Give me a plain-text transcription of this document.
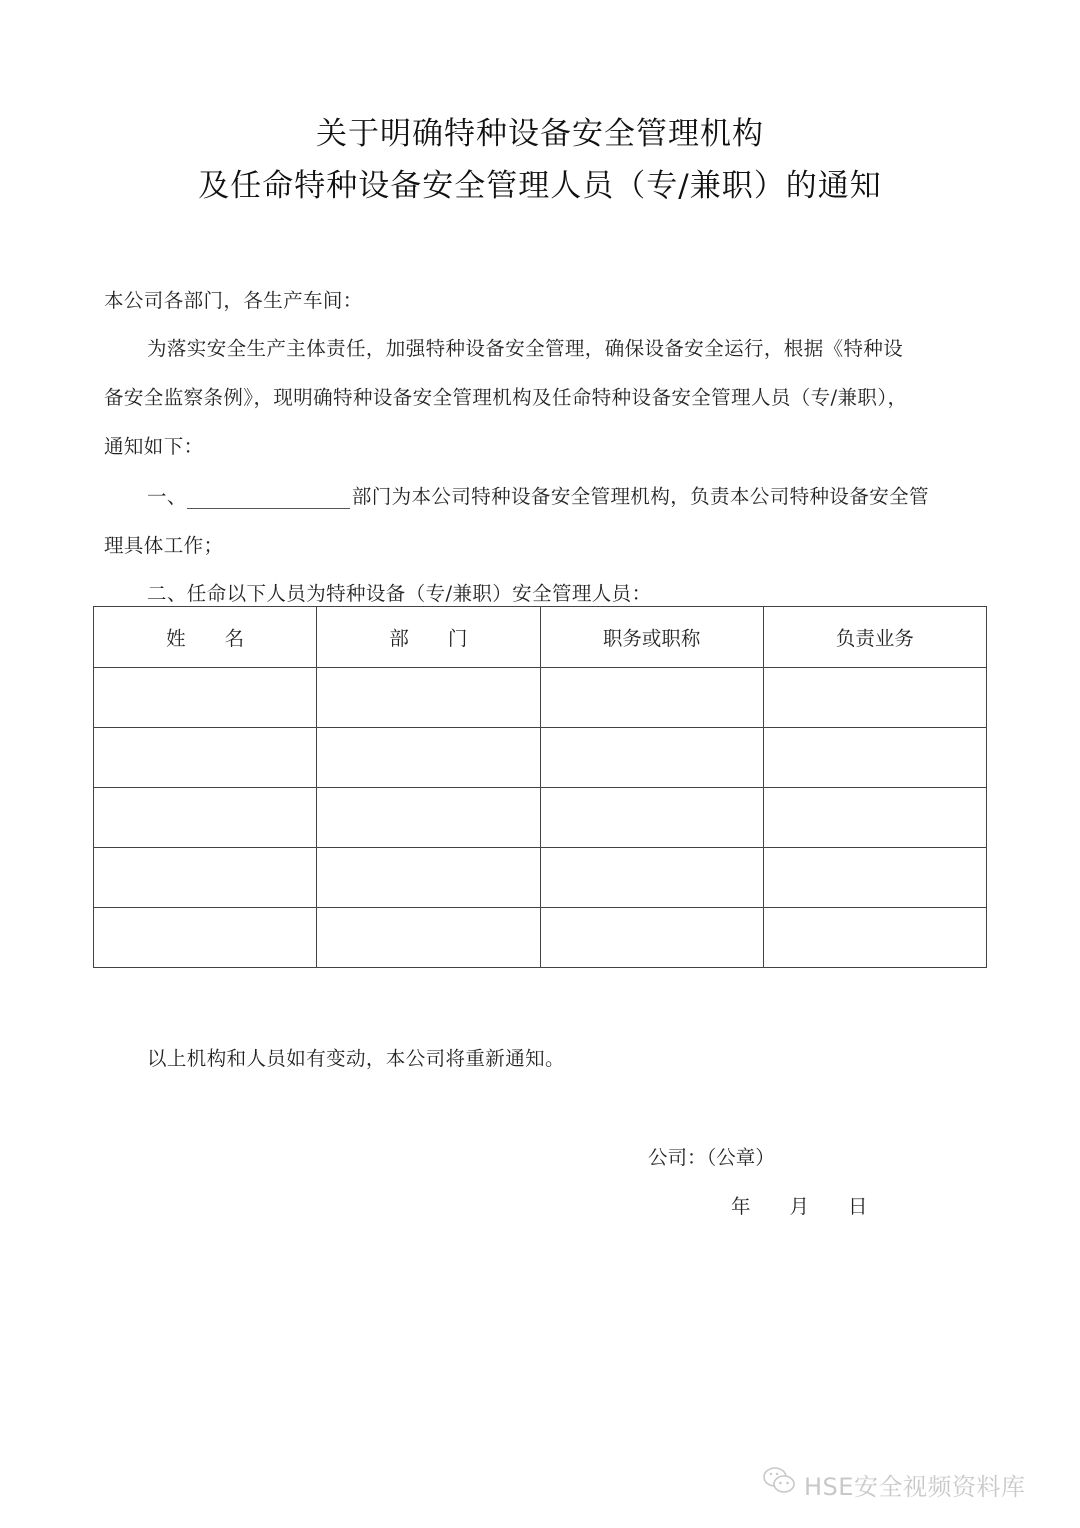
关于明确特种设备安全管理机构
及任命特种设备安全管理人员（专/兼职）的通知
本公司各部门，各生产车间：
为落实安全生产主体责任，加强特种设备安全管理，确保设备安全运行，根据《特种设
备安全监察条例》，现明确特种设备安全管理机构及任命特种设备安全管理人员（专/兼职），
通知如下：
一、	部门为本公司特种设备安全管理机构，负责本公司特种设备安全管
理具体工作；
二、任命以下人员为特种设备（专/兼职）安全管理人员：
姓　　名	部　　门	职务或职称	负责业务

以上机构和人员如有变动，本公司将重新通知。
公司：（公章）
年　　月　　日
HSE安全视频资料库
